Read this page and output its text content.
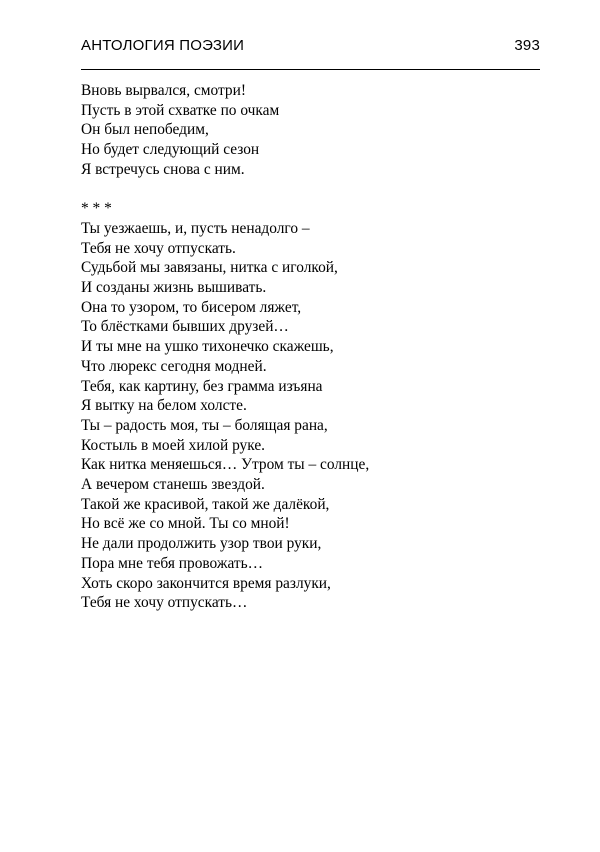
АНТОЛОГИЯ ПОЭЗИИ	393
Вновь вырвался, смотри!
Пусть в этой схватке по очкам
Он был непобедим,
Но будет следующий сезон
Я встречусь снова с ним.
* * *
Ты уезжаешь, и, пусть ненадолго –
Тебя не хочу отпускать.
Судьбой мы завязаны, нитка с иголкой,
И созданы жизнь вышивать.
Она то узором, то бисером ляжет,
То блёстками бывших друзей…
И ты мне на ушко тихонечко скажешь,
Что люрекс сегодня модней.
Тебя, как картину, без грамма изъяна
Я вытку на белом холсте.
Ты – радость моя, ты – болящая рана,
Костыль в моей хилой руке.
Как нитка меняешься… Утром ты – солнце,
А вечером станешь звездой.
Такой же красивой, такой же далёкой,
Но всё же со мной. Ты со мной!
Не дали продолжить узор твои руки,
Пора мне тебя провожать…
Хоть скоро закончится время разлуки,
Тебя не хочу отпускать…
